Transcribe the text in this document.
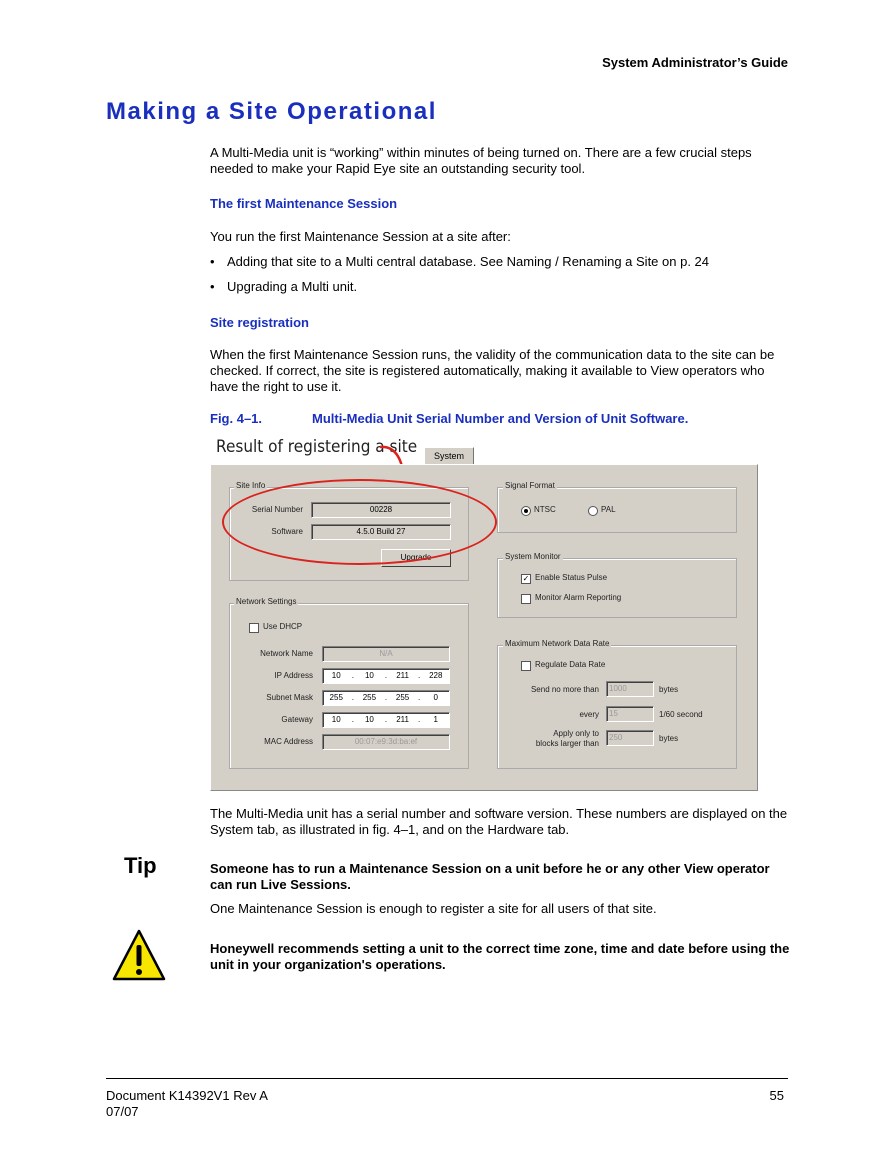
System Administrator’s Guide
Making a Site Operational
A Multi-Media unit is “working” within minutes of being turned on. There are a few crucial steps needed to make your Rapid Eye site an outstanding security tool.
The first Maintenance Session
You run the first Maintenance Session at a site after:
• Adding that site to a Multi central database. See Naming / Renaming a Site on p. 24
• Upgrading a Multi unit.
Site registration
When the first Maintenance Session runs, the validity of the communication data to the site can be checked. If correct, the site is registered automatically, making it available to View operators who have the right to use it.
Fig. 4–1.	Multi-Media Unit Serial Number and Version of Unit Software.
Result of registering a site	System
Site Info
Serial Number	00228
Software	4.5.0 Build 27
Upgrade
Network Settings
Use DHCP
Network Name	N/A
IP Address	10	.	10	.	211	.	228
Subnet Mask	255	.	255	.	255	.	0
Gateway	10	.	10	.	211	.	1
MAC Address	00:07:e9:3d:ba:ef
Signal Format
NTSC	PAL
System Monitor
✓ Enable Status Pulse
Monitor Alarm Reporting
Maximum Network Data Rate
Regulate Data Rate
Send no more than	1000	bytes
every	15	1/60 second
Apply only to
blocks larger than
250	bytes
The Multi-Media unit has a serial number and software version. These numbers are displayed on the System tab, as illustrated in fig. 4–1, and on the Hardware tab.
Tip	Someone has to run a Maintenance Session on a unit before he or any other View operator can run Live Sessions.
One Maintenance Session is enough to register a site for all users of that site.
Honeywell recommends setting a unit to the correct time zone, time and date before using the unit in your organization's operations.
Document K14392V1 Rev A
07/07
55
